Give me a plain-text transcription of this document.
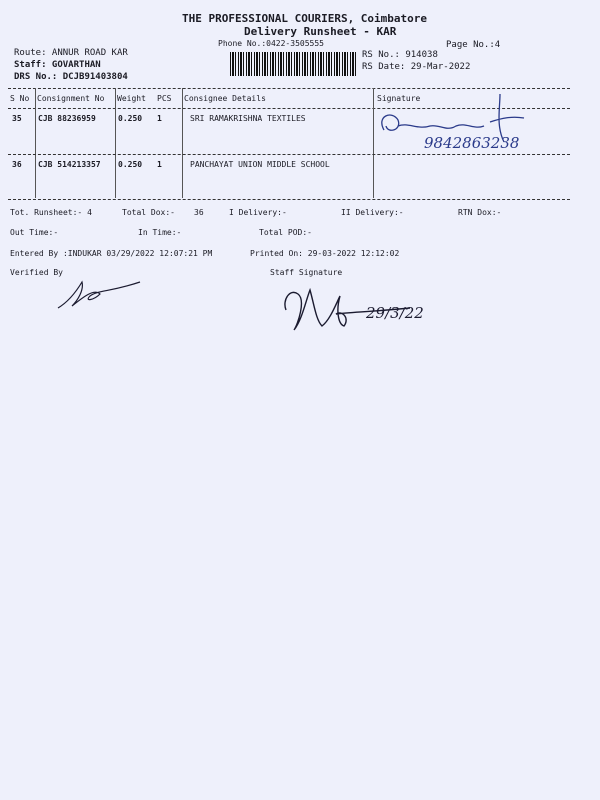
THE PROFESSIONAL COURIERS, Coimbatore
Delivery Runsheet - KAR
Phone No.:0422-3505555	Page No.:4
Route: ANNUR ROAD KAR
Staff: GOVARTHAN
DRS No.: DCJB91403804
RS No.: 914038
RS Date: 29-Mar-2022
S No Consignment No Weight PCS Consignee Details	Signature
35 CJB 88236959	0.250 1	SRI RAMAKRISHNA TEXTILES
9842863238
36 CJB 514213357 0.250 1	PANCHAYAT UNION MIDDLE SCHOOL
Tot. Runsheet:- 4	Total Dox:- 36	I Delivery:-	II Delivery:-	RTN Dox:-
Out Time:-	In Time:-	Total POD:-
Entered By :INDUKAR 03/29/2022 12:07:21 PM	Printed On: 29-03-2022 12:12:02
Verified By	Staff Signature
29/3/22
